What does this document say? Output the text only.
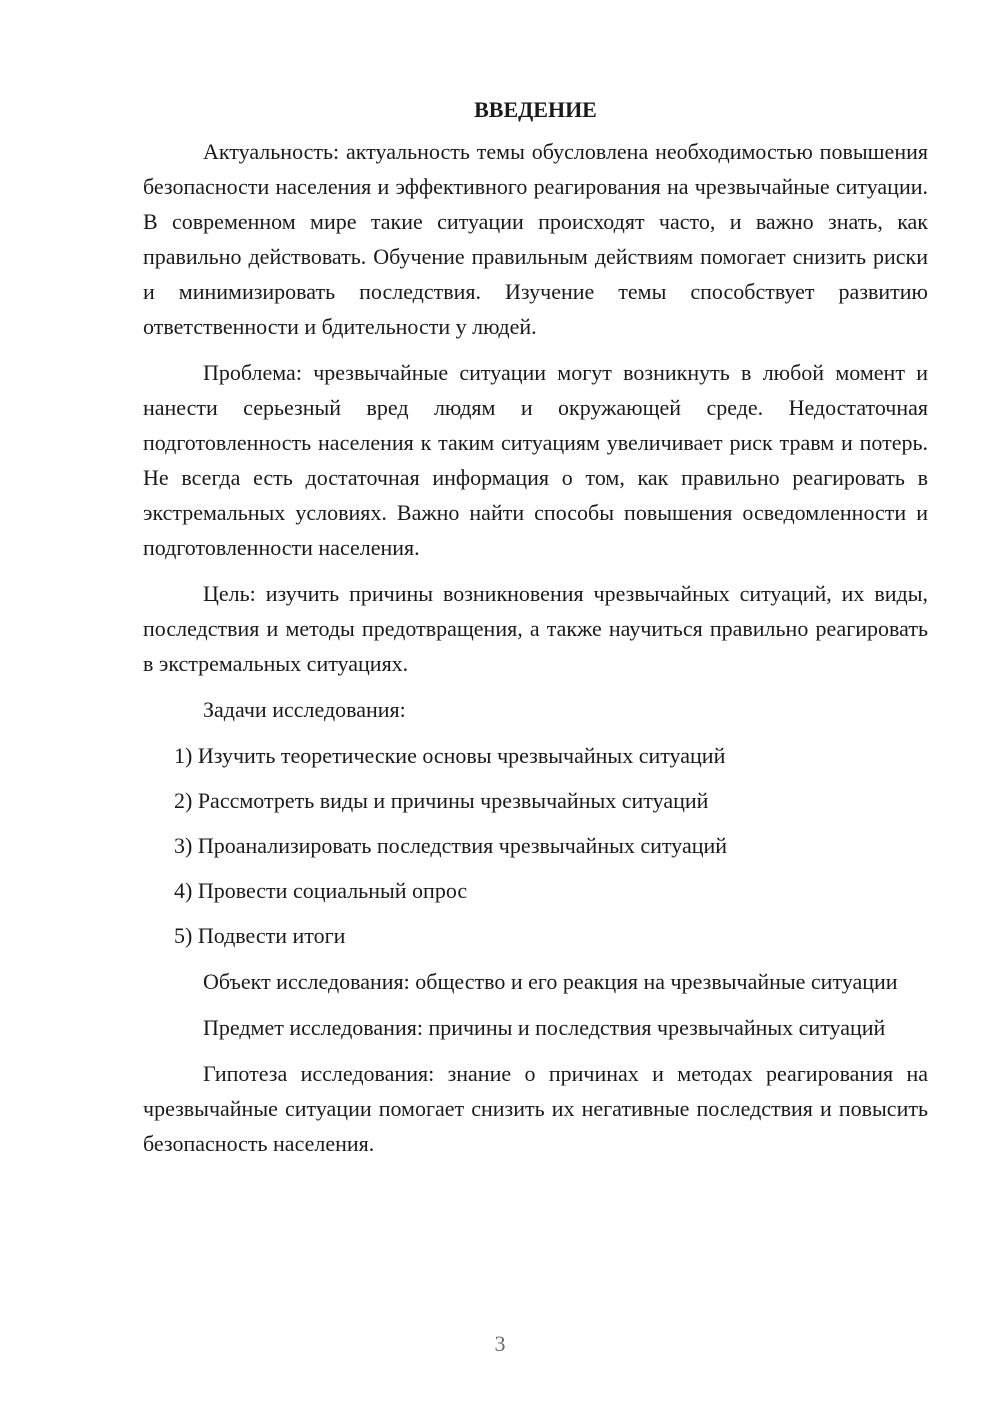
ВВЕДЕНИЕ

Актуальность: актуальность темы обусловлена необходимостью повышения безопасности населения и эффективного реагирования на чрезвычайные ситуации. В современном мире такие ситуации происходят часто, и важно знать, как правильно действовать. Обучение правильным действиям помогает снизить риски и минимизировать последствия. Изучение темы способствует развитию ответственности и бдительности у людей.

Проблема: чрезвычайные ситуации могут возникнуть в любой момент и нанести серьезный вред людям и окружающей среде. Недостаточная подготовленность населения к таким ситуациям увеличивает риск травм и потерь. Не всегда есть достаточная информация о том, как правильно реагировать в экстремальных условиях. Важно найти способы повышения осведомленности и подготовленности населения.

Цель: изучить причины возникновения чрезвычайных ситуаций, их виды, последствия и методы предотвращения, а также научиться правильно реагировать в экстремальных ситуациях.

Задачи исследования:

1) Изучить теоретические основы чрезвычайных ситуаций
2) Рассмотреть виды и причины чрезвычайных ситуаций
3) Проанализировать последствия чрезвычайных ситуаций
4) Провести социальный опрос
5) Подвести итоги

Объект исследования: общество и его реакция на чрезвычайные ситуации

Предмет исследования: причины и последствия чрезвычайных ситуаций

Гипотеза исследования: знание о причинах и методах реагирования на чрезвычайные ситуации помогает снизить их негативные последствия и повысить безопасность населения.

3
